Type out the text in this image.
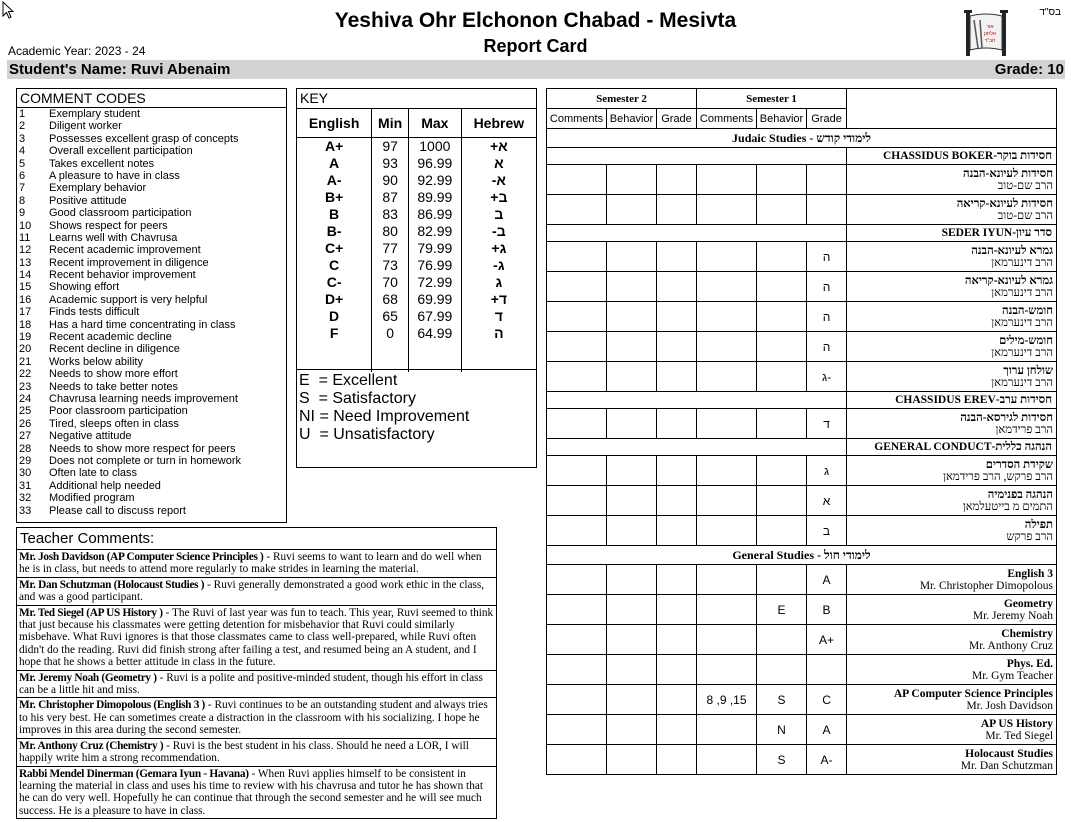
Yeshiva Ohr Elchonon Chabad - Mesivta
Report Card
Academic Year: 2023 - 24
בס"ד
אור
אלחנן
חב"ד
Student's Name: Ruvi Abenaim	Grade: 10
COMMENT CODES
1	Exemplary student
2	Diligent worker
3	Possesses excellent grasp of concepts
4	Overall excellent participation
5	Takes excellent notes
6	A pleasure to have in class
7	Exemplary behavior
8	Positive attitude
9	Good classroom participation
10	Shows respect for peers
11	Learns well with Chavrusa
12	Recent academic improvement
13	Recent improvement in diligence
14	Recent behavior improvement
15	Showing effort
16	Academic support is very helpful
17	Finds tests difficult
18	Has a hard time concentrating in class
19	Recent academic decline
20	Recent decline in diligence
21	Works below ability
22	Needs to show more effort
23	Needs to take better notes
24	Chavrusa learning needs improvement
25	Poor classroom participation
26	Tired, sleeps often in class
27	Negative attitude
28	Needs to show more respect for peers
29	Does not complete or turn in homework
30	Often late to class
31	Additional help needed
32	Modified program
33	Please call to discuss report
KEY
English	Min	Max	Hebrew
A+	97	1000	א+
A	93	96.99	א
A-	90	92.99	א-
B+	87	89.99	ב+
B	83	86.99	ב
B-	80	82.99	ב-
C+	77	79.99	ג+
C	73	76.99	ג-
C-	70	72.99	ג
D+	68	69.99	ד+
D	65	67.99	ד
F	0	64.99	ה

E  = Excellent
S  = Satisfactory
NI = Need Improvement
U  = Unsatisfactory
Teacher Comments:
Mr. Josh Davidson (AP Computer Science Principles ) - Ruvi seems to want to learn and do well when he is in class, but needs to attend more regularly to make strides in learning the material.
Mr. Dan Schutzman (Holocaust Studies ) - Ruvi generally demonstrated a good work ethic in the class, and was a good participant.
Mr. Ted Siegel (AP US History ) - The Ruvi of last year was fun to teach. This year, Ruvi seemed to think that just because his classmates were getting detention for misbehavior that Ruvi could similarly misbehave. What Ruvi ignores is that those classmates came to class well-prepared, while Ruvi often didn't do the reading. Ruvi did finish strong after failing a test, and resumed being an A student, and I hope that he shows a better attitude in class in the future.
Mr. Jeremy Noah (Geometry ) - Ruvi is a polite and positive-minded student, though his effort in class can be a little hit and miss.
Mr. Christopher Dimopolous (English 3 ) - Ruvi continues to be an outstanding student and always tries to his very best. He can sometimes create a distraction in the classroom with his socializing. I hope he improves in this area during the second semester.
Mr. Anthony Cruz (Chemistry ) - Ruvi is the best student in his class. Should he need a LOR, I will happily write him a strong recommendation.
Rabbi Mendel Dinerman (Gemara Iyun - Havana) - When Ruvi applies himself to be consistent in learning the material in class and uses his time to review with his chavrusa and tutor he has shown that he can do very well. Hopefully he can continue that through the second semester and he will see much success. He is a pleasure to have in class.
Semester 2			Semester 1			
Comments	Behavior	Grade	Comments	Behavior	Grade	
Judaic Studies - לימודי קודש						
						חסידות בוקר-CHASSIDUS BOKER

						חסידות לעיונא-הבנה
הרב שם-טוב

						חסידות לעיונא-קריאה
הרב שם-טוב

						סדר עיון-SEDER IYUN
					ה	גמרא לעיונא-הבנה
הרב דינערמאן

					ה	גמרא לעיונא-קריאה
הרב דינערמאן

					ה	חומש-הבנה
הרב דינערמאן

					ה	חומש-מילים
הרב דינערמאן

					ג-	שולחן ערוך
הרב דינערמאן

						חסידות ערב-CHASSIDUS EREV
					ד	חסידות לגירסא-הבנה
הרב פרידמאן

						הנהגה כללית-GENERAL CONDUCT
					ג	שקידת הסדרים
הרב פרקש, הרב פרידמאן

					א	הנהגה בפנימיה
התמים מ בייטעלמאן

					ב	תפילה
הרב פרקש

General Studies - לימודי חול						
					A	English 3
Mr. Christopher Dimopolous

				E	B	Geometry
Mr. Jeremy Noah

					A+	Chemistry
Mr. Anthony Cruz

						Phys. Ed.
Mr. Gym Teacher

			8 ,9 ,15	S	C	AP Computer Science Principles
Mr. Josh Davidson

				N	A	AP US History
Mr. Ted Siegel

				S	A-	Holocaust Studies
Mr. Dan Schutzman
